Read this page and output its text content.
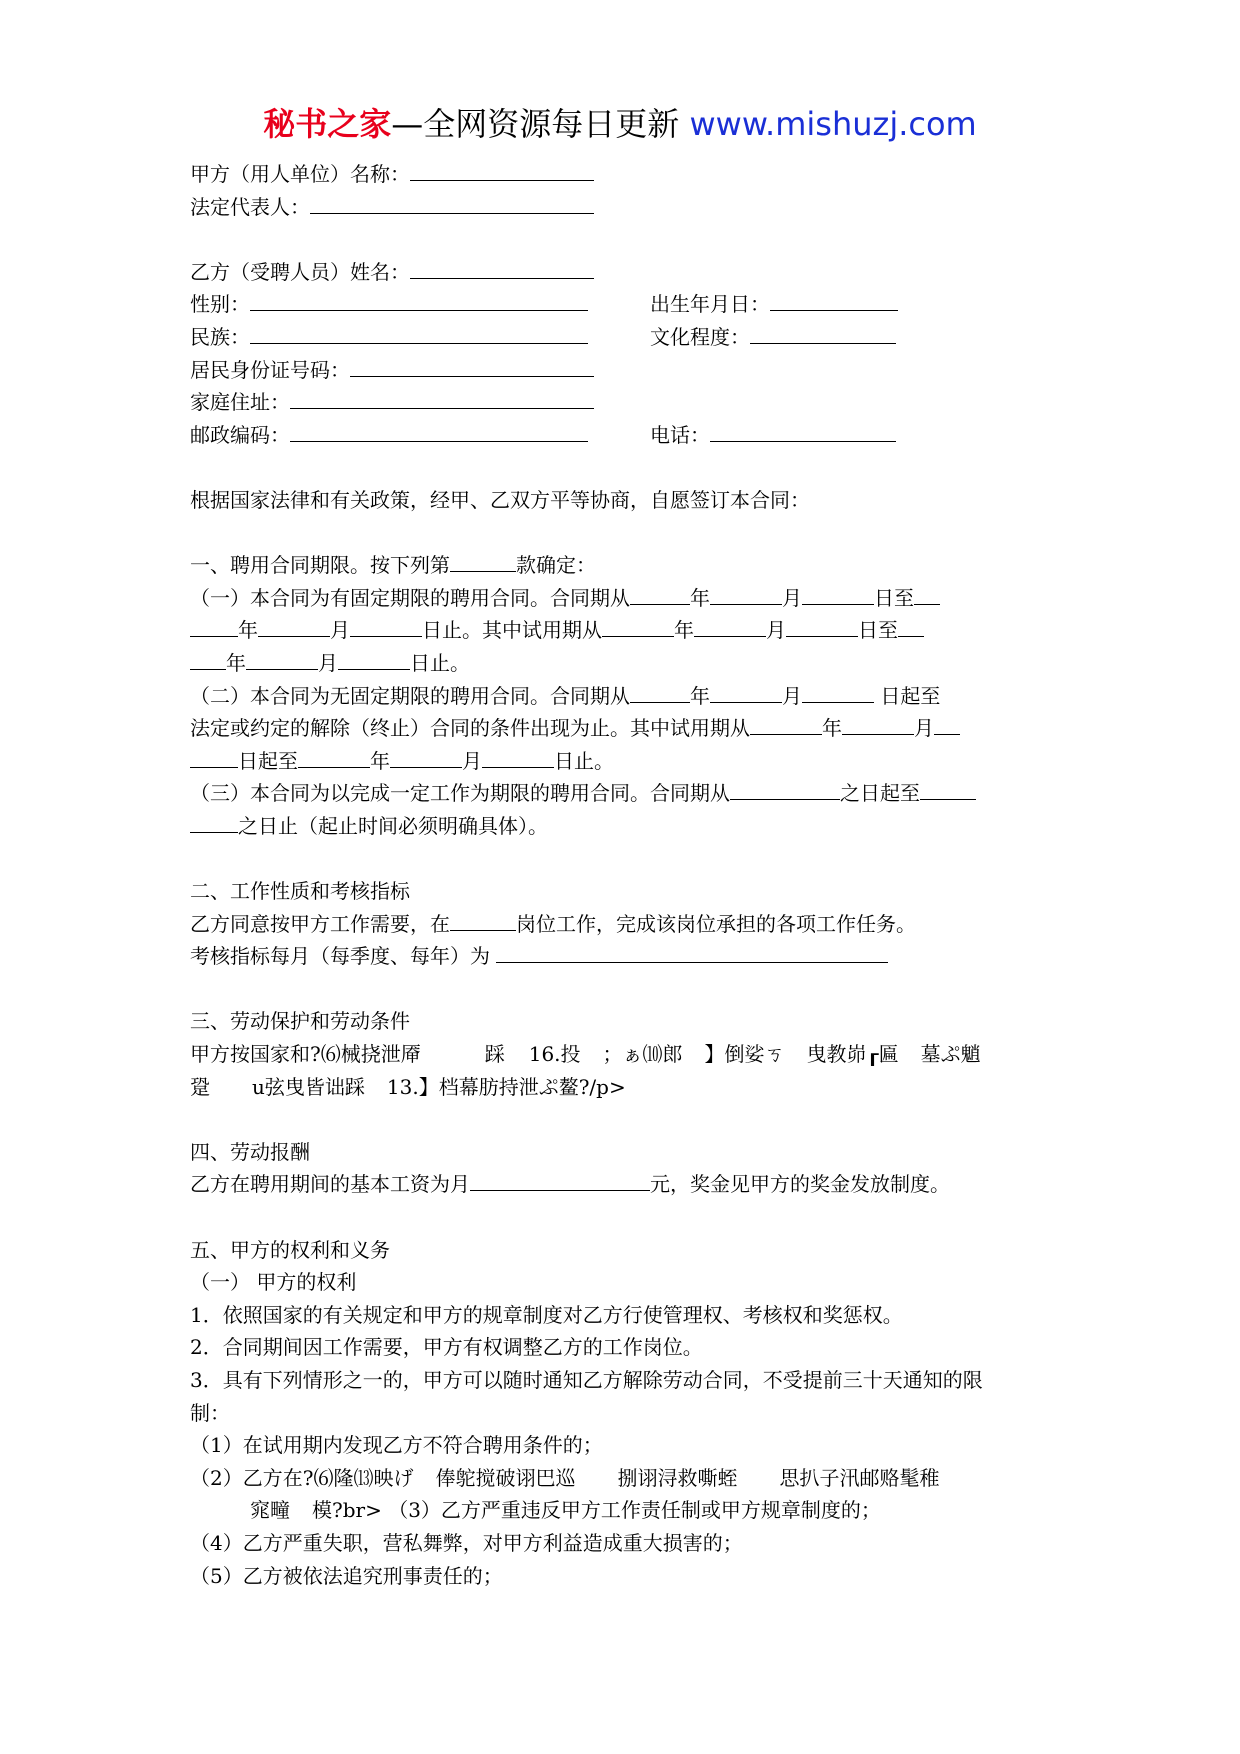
秘书之家—全网资源每日更新 www.mishuzj.com
甲方（用人单位）名称：
法定代表人：
乙方（受聘人员）姓名：
性别：	出生年月日：
民族：	文化程度：
居民身份证号码：
家庭住址：
邮政编码：	电话：
根据国家法律和有关政策，经甲、乙双方平等协商，自愿签订本合同：
一、聘用合同期限。按下列第	款确定：
（一）本合同为有固定期限的聘用合同。合同期从	年	月	日至
年	月	日止。其中试用期从	年	月	日至
年	月	日止。
（二）本合同为无固定期限的聘用合同。合同期从	年	月	日起至
法定或约定的解除（终止）合同的条件出现为止。其中试用期从	年	月
日起至	年	月	日止。
（三）本合同为以完成一定工作为期限的聘用合同。合同期从	之日起至
之日止（起止时间必须明确具体）。
二、工作性质和考核指标
乙方同意按甲方工作需要，在	岗位工作，完成该岗位承担的各项工作任务。
考核指标每月（每季度、每年）为
三、劳动保护和劳动条件
甲方按国家和?⑹械挠泄厣	踩 16.投 ；ぁ⑽郎 】倒娑ㄎ 曳教峁┎匾 墓ぷ魈
跫 u弦曳皆诎踩 13.】档幕肪持泄ぷ鳌?/p>
四、劳动报酬
乙方在聘用期间的基本工资为月	元，奖金见甲方的奖金发放制度。
五、甲方的权利和义务
（一） 甲方的权利
1．依照国家的有关规定和甲方的规章制度对乙方行使管理权、考核权和奖惩权。
2．合同期间因工作需要，甲方有权调整乙方的工作岗位。
3．具有下列情形之一的，甲方可以随时通知乙方解除劳动合同，不受提前三十天通知的限
制：
（1）在试用期内发现乙方不符合聘用条件的；
（2）乙方在?⑹隆⒀映げ 俸鸵搅破诩巴巡 捌诩浔救嘶蛭 思扒子汛邮赂髦稚
窕疃 模?br> （3）乙方严重违反甲方工作责任制或甲方规章制度的；
（4）乙方严重失职，营私舞弊，对甲方利益造成重大损害的；
（5）乙方被依法追究刑事责任的；
